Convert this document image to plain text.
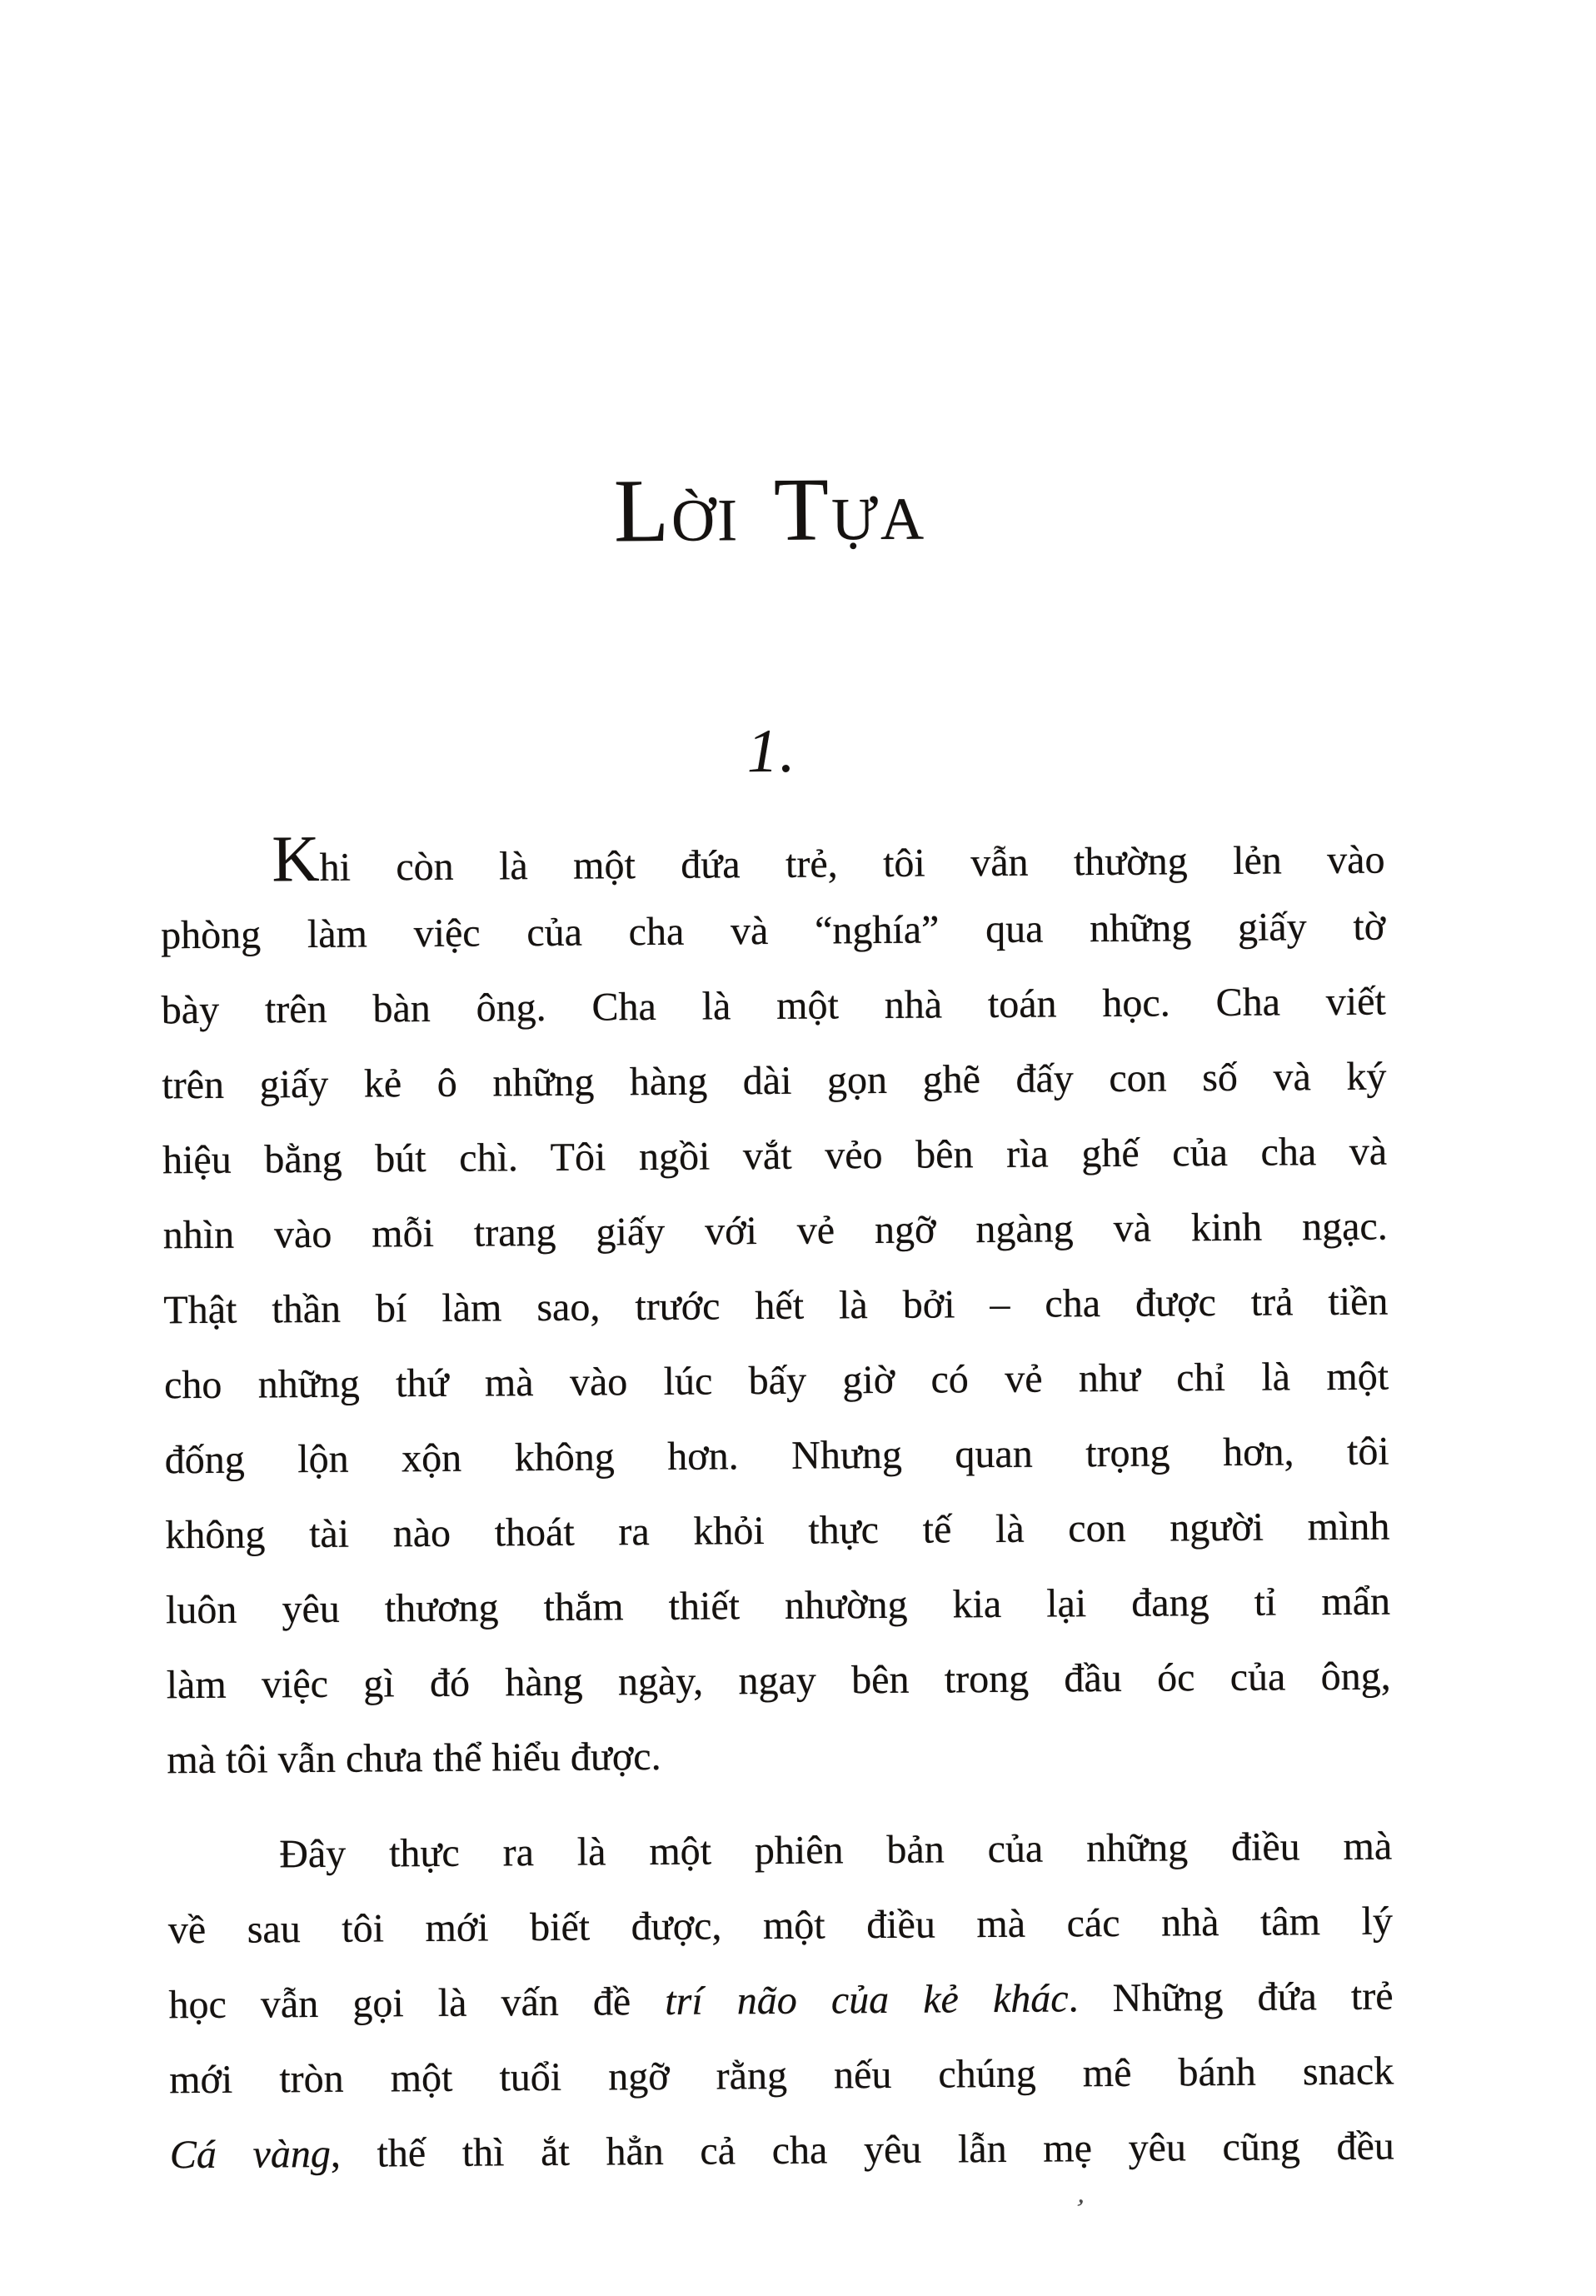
LỜI TỰA
1.
Khi còn là một đứa trẻ, tôi vẫn thường lẻn vào
phòng làm việc của cha và “nghía” qua những giấy tờ
bày trên bàn ông. Cha là một nhà toán học. Cha viết
trên giấy kẻ ô những hàng dài gọn ghẽ đấy con số và ký
hiệu bằng bút chì. Tôi ngồi vắt vẻo bên rìa ghế của cha và
nhìn vào mỗi trang giấy với vẻ ngỡ ngàng và kinh ngạc.
Thật thần bí làm sao, trước hết là bởi – cha được trả tiền
cho những thứ mà vào lúc bấy giờ có vẻ như chỉ là một
đống lộn xộn không hơn. Nhưng quan trọng hơn, tôi
không tài nào thoát ra khỏi thực tế là con người mình
luôn yêu thương thắm thiết nhường kia lại đang tỉ mẩn
làm việc gì đó hàng ngày, ngay bên trong đầu óc của ông,
mà tôi vẫn chưa thể hiểu được.
Đây thực ra là một phiên bản của những điều mà
về sau tôi mới biết được, một điều mà các nhà tâm lý
học vẫn gọi là vấn đề trí não của kẻ khác. Những đứa trẻ
mới tròn một tuổi ngỡ rằng nếu chúng mê bánh snack
Cá vàng, thế thì ắt hẳn cả cha yêu lẫn mẹ yêu cũng đều
ʼ
